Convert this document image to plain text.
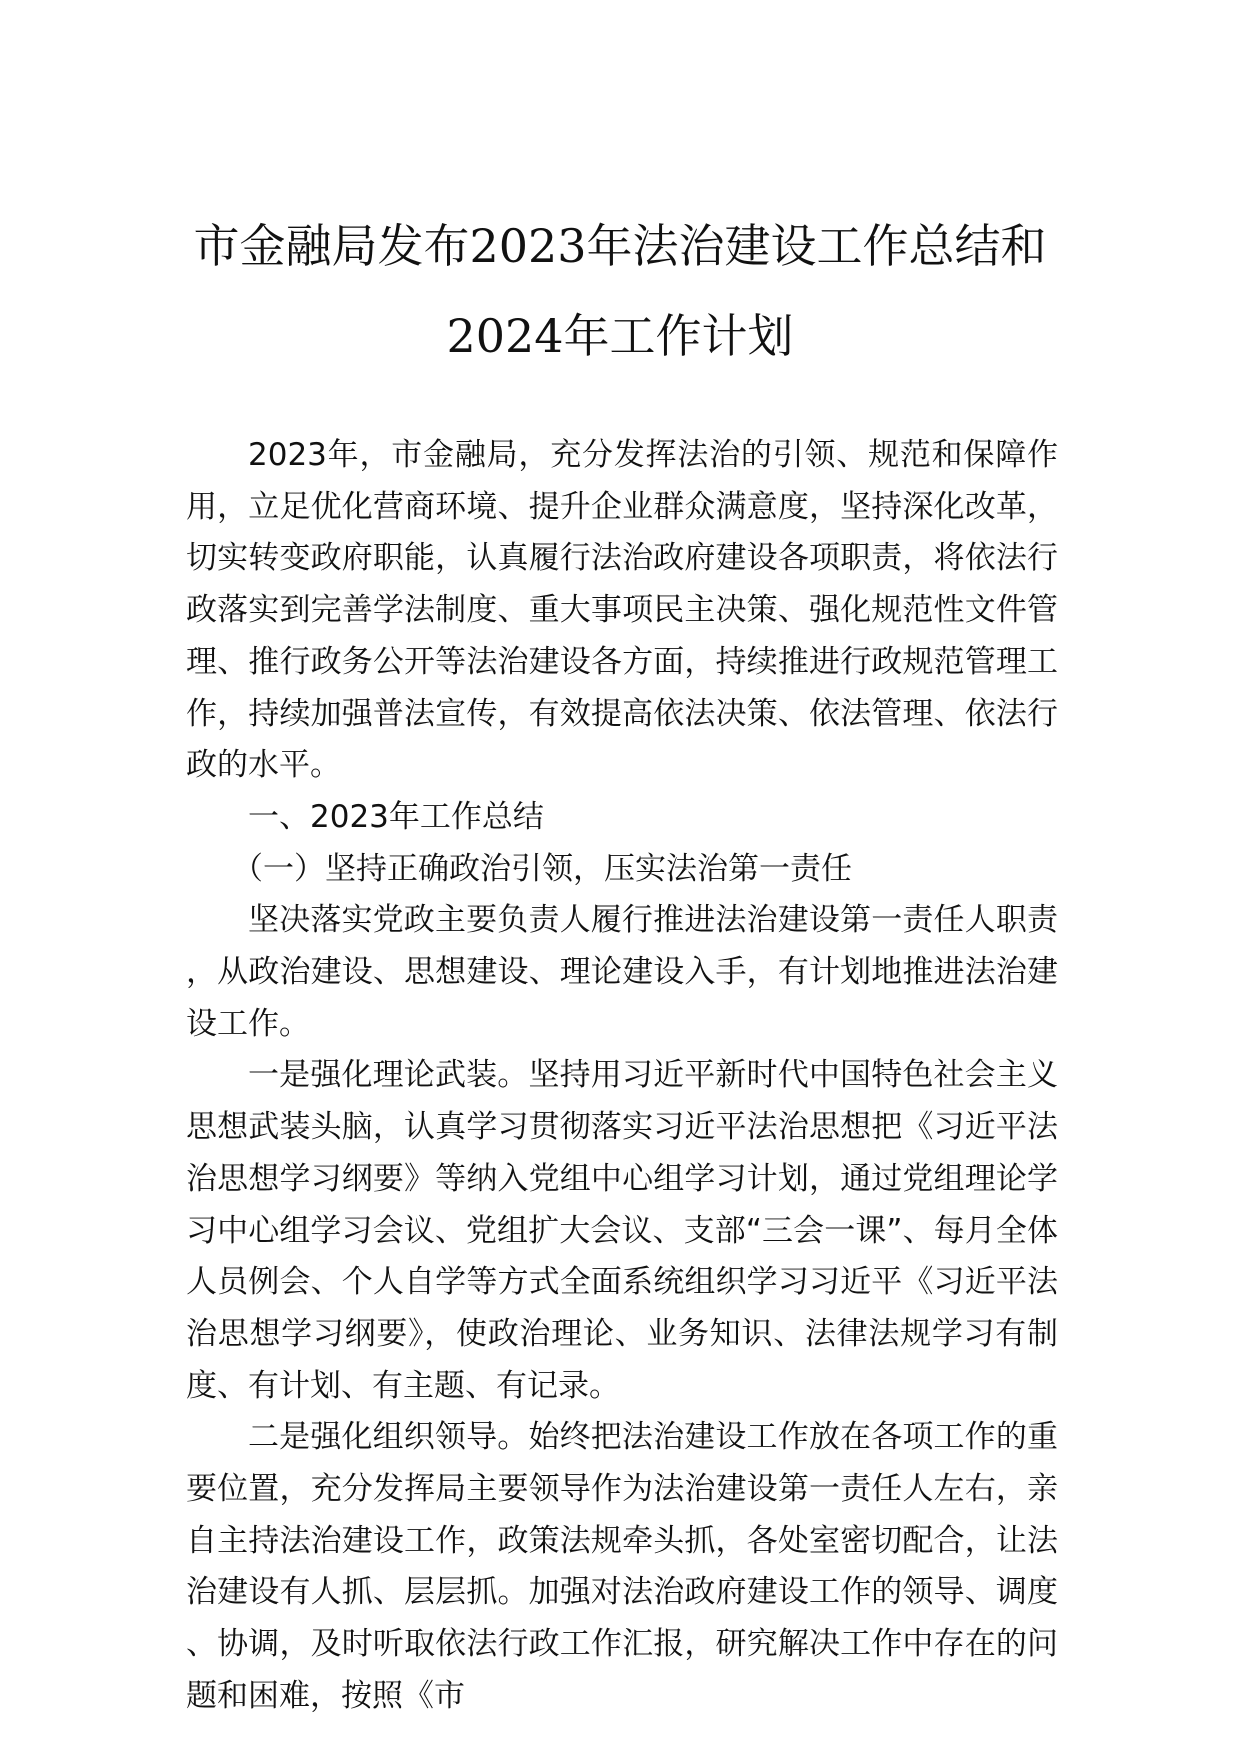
市金融局发布2023年法治建设工作总结和
2024年工作计划

2023年，市金融局，充分发挥法治的引领、规范和保障作用，立足优化营商环境、提升企业群众满意度，坚持深化改革，切实转变政府职能，认真履行法治政府建设各项职责，将依法行政落实到完善学法制度、重大事项民主决策、强化规范性文件管理、推行政务公开等法治建设各方面，持续推进行政规范管理工作，持续加强普法宣传，有效提高依法决策、依法管理、依法行政的水平。

一、2023年工作总结

（一）坚持正确政治引领，压实法治第一责任

坚决落实党政主要负责人履行推进法治建设第一责任人职责，从政治建设、思想建设、理论建设入手，有计划地推进法治建设工作。

一是强化理论武装。坚持用习近平新时代中国特色社会主义思想武装头脑，认真学习贯彻落实习近平法治思想把《习近平法治思想学习纲要》等纳入党组中心组学习计划，通过党组理论学习中心组学习会议、党组扩大会议、支部“三会一课”、每月全体人员例会、个人自学等方式全面系统组织学习习近平《习近平法治思想学习纲要》，使政治理论、业务知识、法律法规学习有制度、有计划、有主题、有记录。

二是强化组织领导。始终把法治建设工作放在各项工作的重要位置，充分发挥局主要领导作为法治建设第一责任人左右，亲自主持法治建设工作，政策法规牵头抓，各处室密切配合，让法治建设有人抓、层层抓。加强对法治政府建设工作的领导、调度、协调，及时听取依法行政工作汇报，研究解决工作中存在的问题和困难，按照《市
